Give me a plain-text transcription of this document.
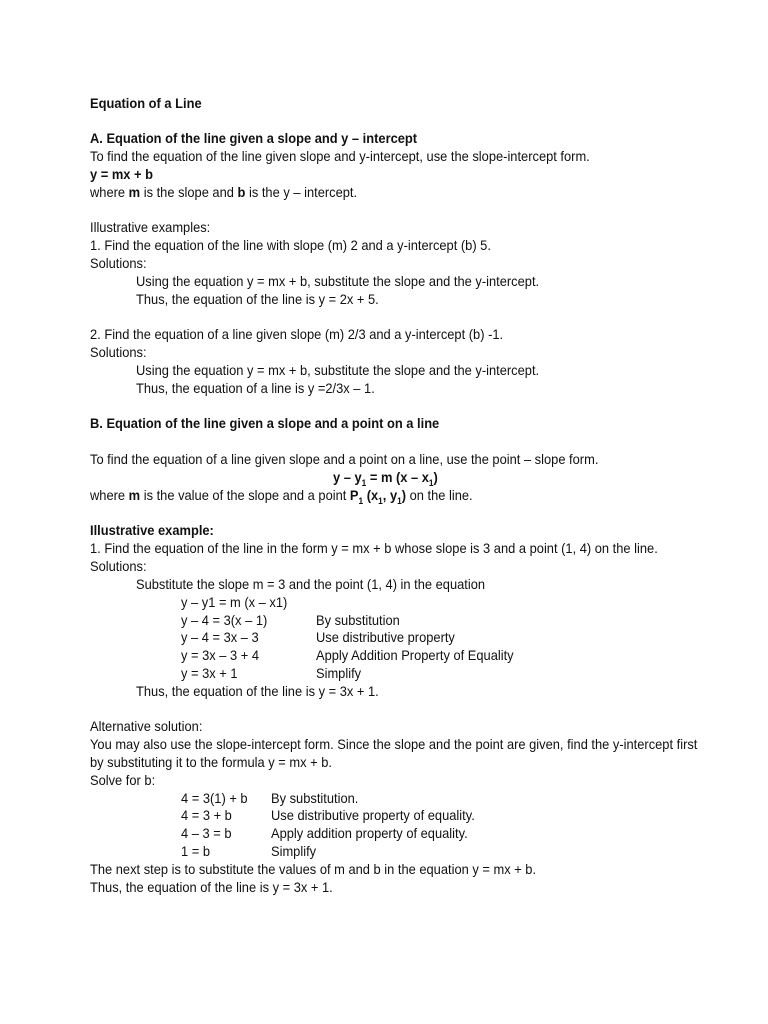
Equation of a Line
A. Equation of the line given a slope and y – intercept
To find the equation of the line given slope and y-intercept, use the slope-intercept form.
y = mx + b
where m is the slope and b is the y – intercept.
Illustrative examples:
1. Find the equation of the line with slope (m) 2 and a y-intercept (b) 5.
Solutions:
Using the equation y = mx + b, substitute the slope and the y-intercept.
Thus, the equation of the line is y = 2x + 5.
2. Find the equation of a line given slope (m) 2/3 and a y-intercept (b) -1.
Solutions:
Using the equation y = mx + b, substitute the slope and the y-intercept.
Thus, the equation of a line is y =2/3x – 1.
B. Equation of the line given a slope and a point on a line
To find the equation of a line given slope and a point on a line, use the point – slope form.
$y - y_1 = m$ $(x - x_1)$
where m is the value of the slope and a point $P_1$ ($x_1$, $y_1$) on the line.
Illustrative example:
1. Find the equation of the line in the form y = mx + b whose slope is 3 and a point (1, 4) on the line.
Solutions:
Substitute the slope m = 3 and the point (1, 4) in the equation
y – y1 = m (x – x1)
y – 4 = 3(x – 1)	By substitution
y – 4 = 3x – 3	Use distributive property
y = 3x – 3 + 4	Apply Addition Property of Equality
y = 3x + 1	Simplify
Thus, the equation of the line is y = 3x + 1.
Alternative solution:
You may also use the slope-intercept form. Since the slope and the point are given, find the y-intercept first
by substituting it to the formula y = mx + b.
Solve for b:
4 = 3(1) + b By substitution.
4 = 3 + b	Use distributive property of equality.
4 – 3 = b	Apply addition property of equality.
1 = b	Simplify
The next step is to substitute the values of m and b in the equation y = mx + b.
Thus, the equation of the line is y = 3x + 1.
